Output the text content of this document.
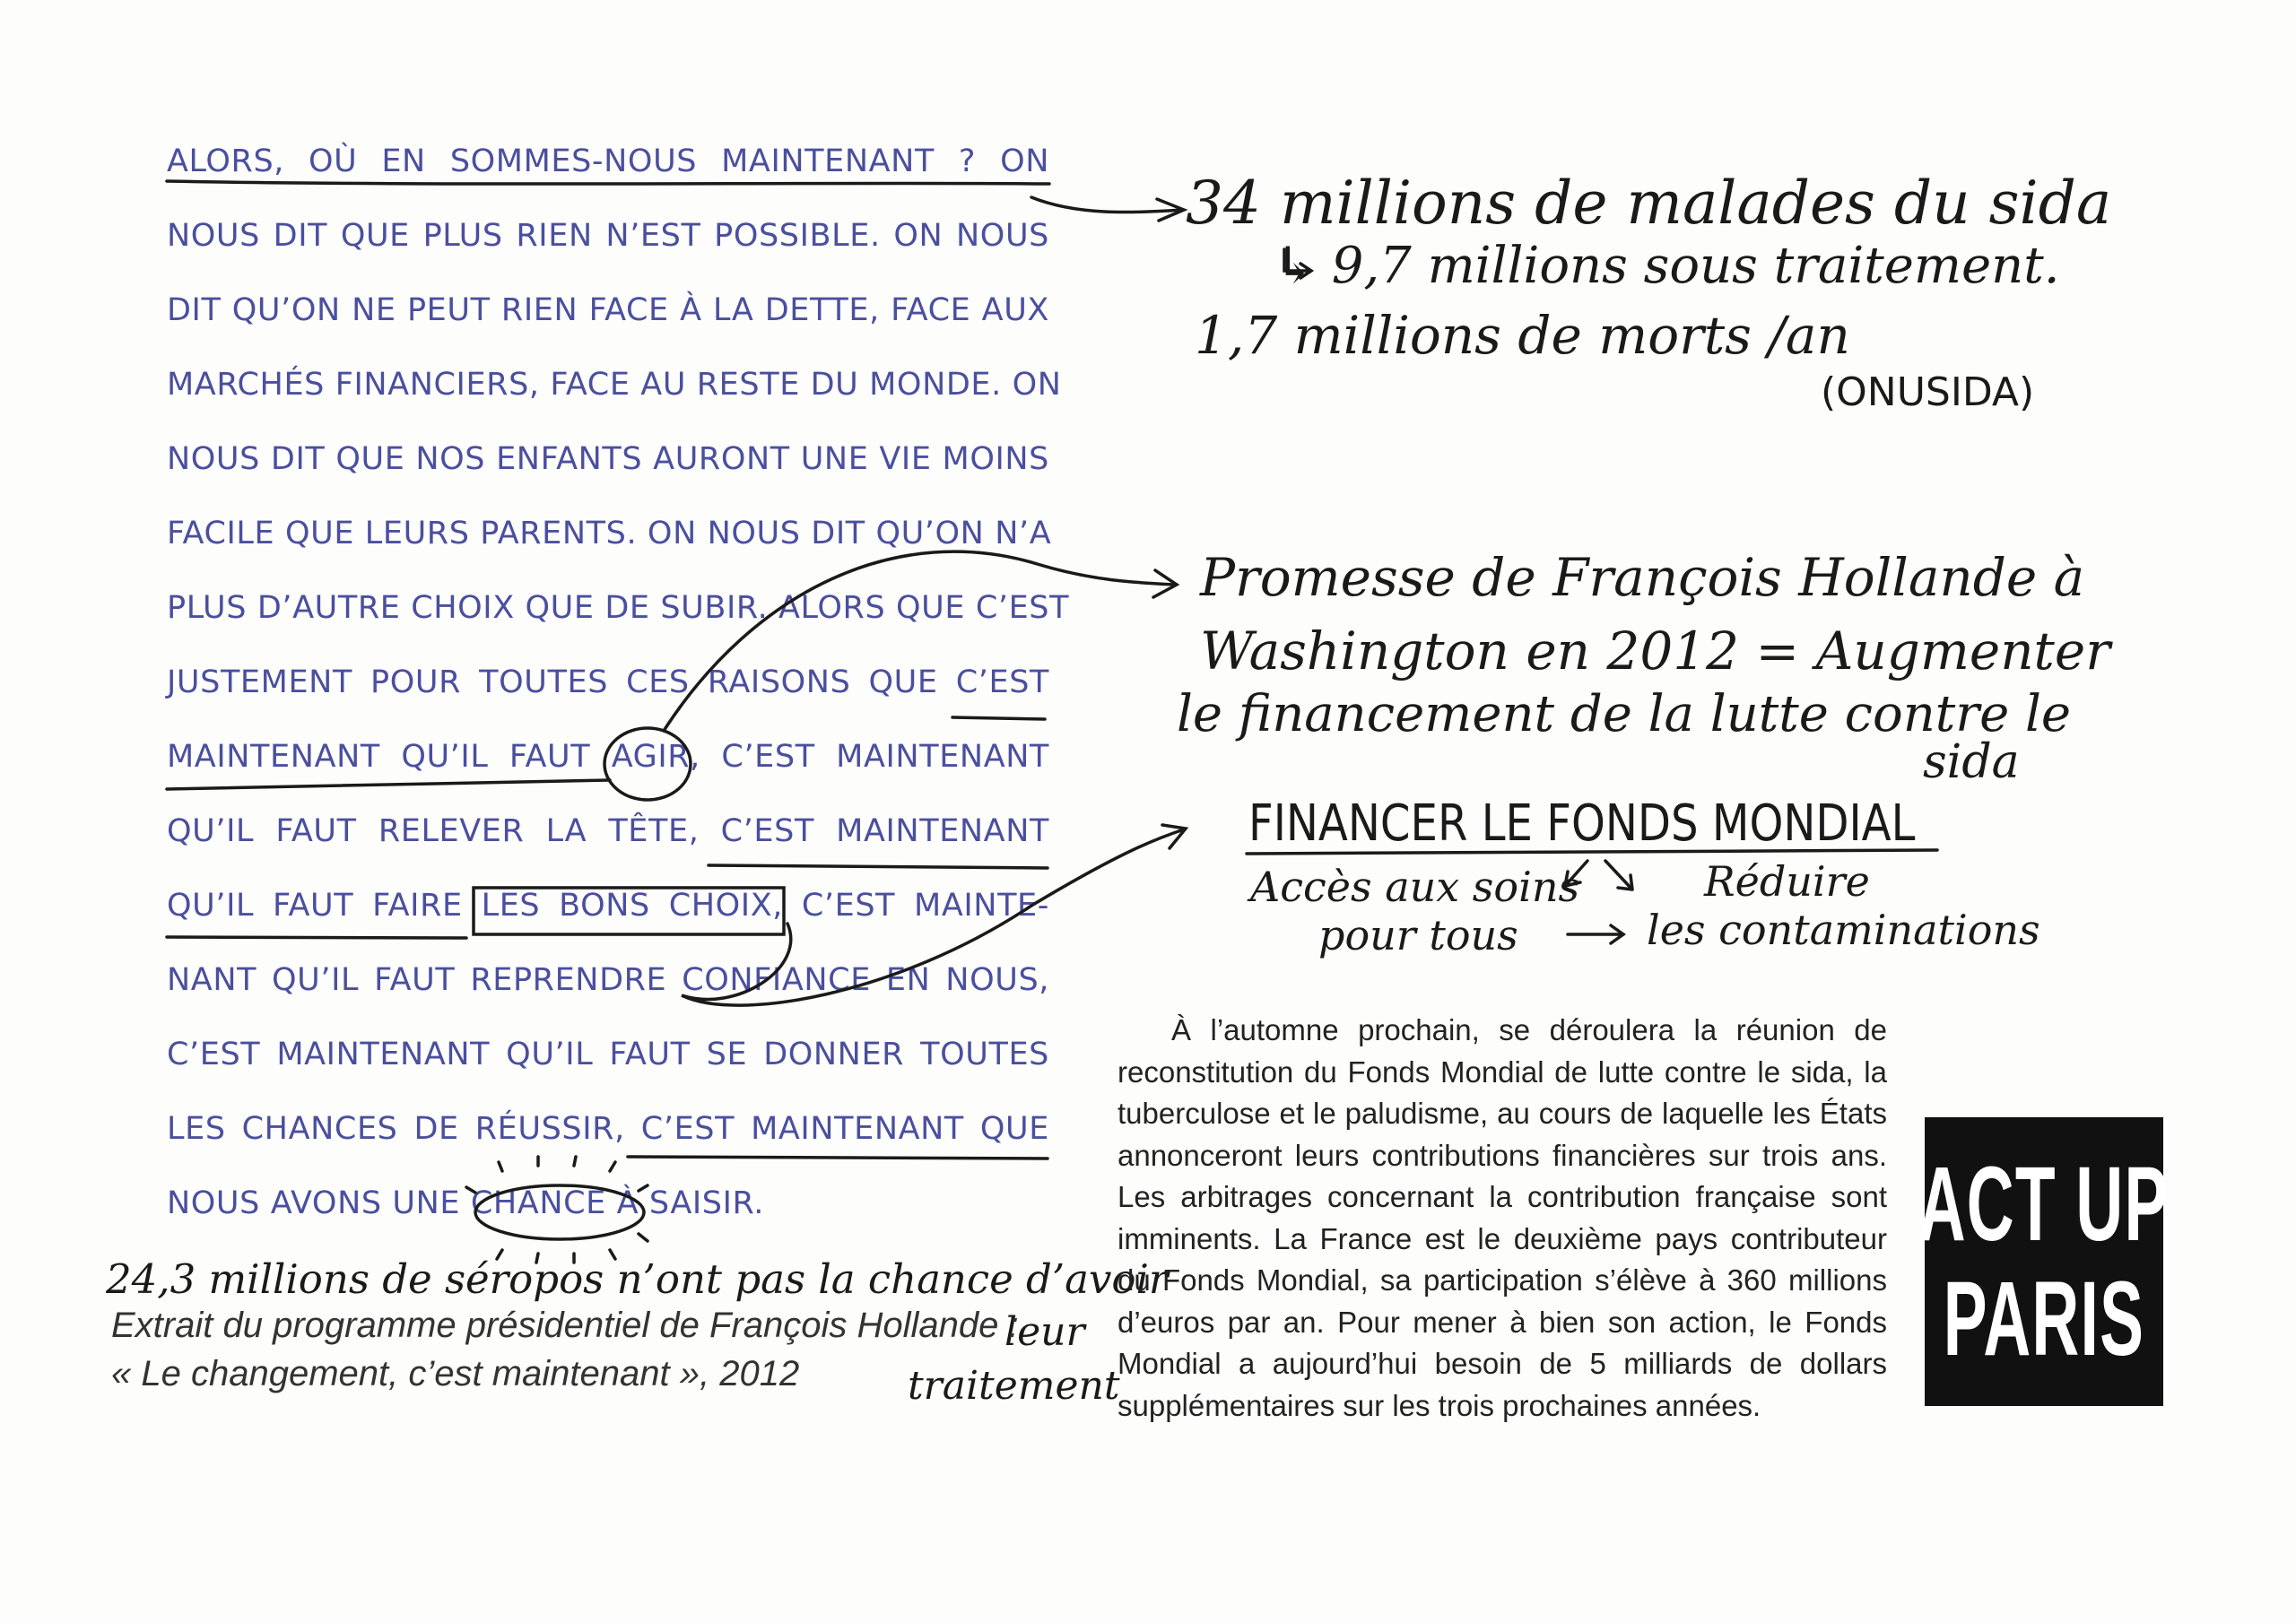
ALORS, OÙ EN SOMMES-NOUS MAINTENANT ? ON

NOUS DIT QUE PLUS RIEN N’EST POSSIBLE. ON NOUS

DIT QU’ON NE PEUT RIEN FACE À LA DETTE, FACE AUX

MARCHÉS FINANCIERS, FACE AU RESTE DU MONDE. ON

NOUS DIT QUE NOS ENFANTS AURONT UNE VIE MOINS

FACILE QUE LEURS PARENTS. ON NOUS DIT QU’ON N’A

PLUS D’AUTRE CHOIX QUE DE SUBIR. ALORS QUE C’EST

JUSTEMENT POUR TOUTES CES RAISONS QUE C’EST

MAINTENANT QU’IL FAUT AGIR, C’EST MAINTENANT

QU’IL FAUT RELEVER LA TÊTE, C’EST MAINTENANT

QU’IL FAUT FAIRE LES BONS CHOIX, C’EST MAINTE-

NANT QU’IL FAUT REPRENDRE CONFIANCE EN NOUS,

C’EST MAINTENANT QU’IL FAUT SE DONNER TOUTES

LES CHANCES DE RÉUSSIR, C’EST MAINTENANT QUE

NOUS AVONS UNE CHANCE À SAISIR.

34 millions de malades du sida

↳ 9,7 millions sous traitement.

1,7 millions de morts /an

(ONUSIDA)

Promesse de François Hollande à

Washington en 2012 = Augmenter

le financement de la lutte contre le

sida

FINANCER LE FONDS MONDIAL

Accès aux soins

pour tous

Réduire

les contaminations

24,3 millions de séropos n’ont pas la chance d’avoir

leur

traitement

Extrait du programme présidentiel de François Hollande :

« Le changement, c’est maintenant », 2012

À l’automne prochain, se déroulera la réunion de reconstitution du Fonds Mondial de lutte contre le sida, la tuberculose et le paludisme, au cours de laquelle les États annonceront leurs contributions financières sur trois ans. Les arbitrages concernant la contribution française sont imminents. La France est le deuxième pays contributeur du Fonds Mondial, sa participation s’élève à 360 millions d’euros par an. Pour mener à bien son action, le Fonds Mondial a aujourd’hui besoin de 5 milliards de dollars supplémentaires sur les trois prochaines années.
ACT UP
PARIS
